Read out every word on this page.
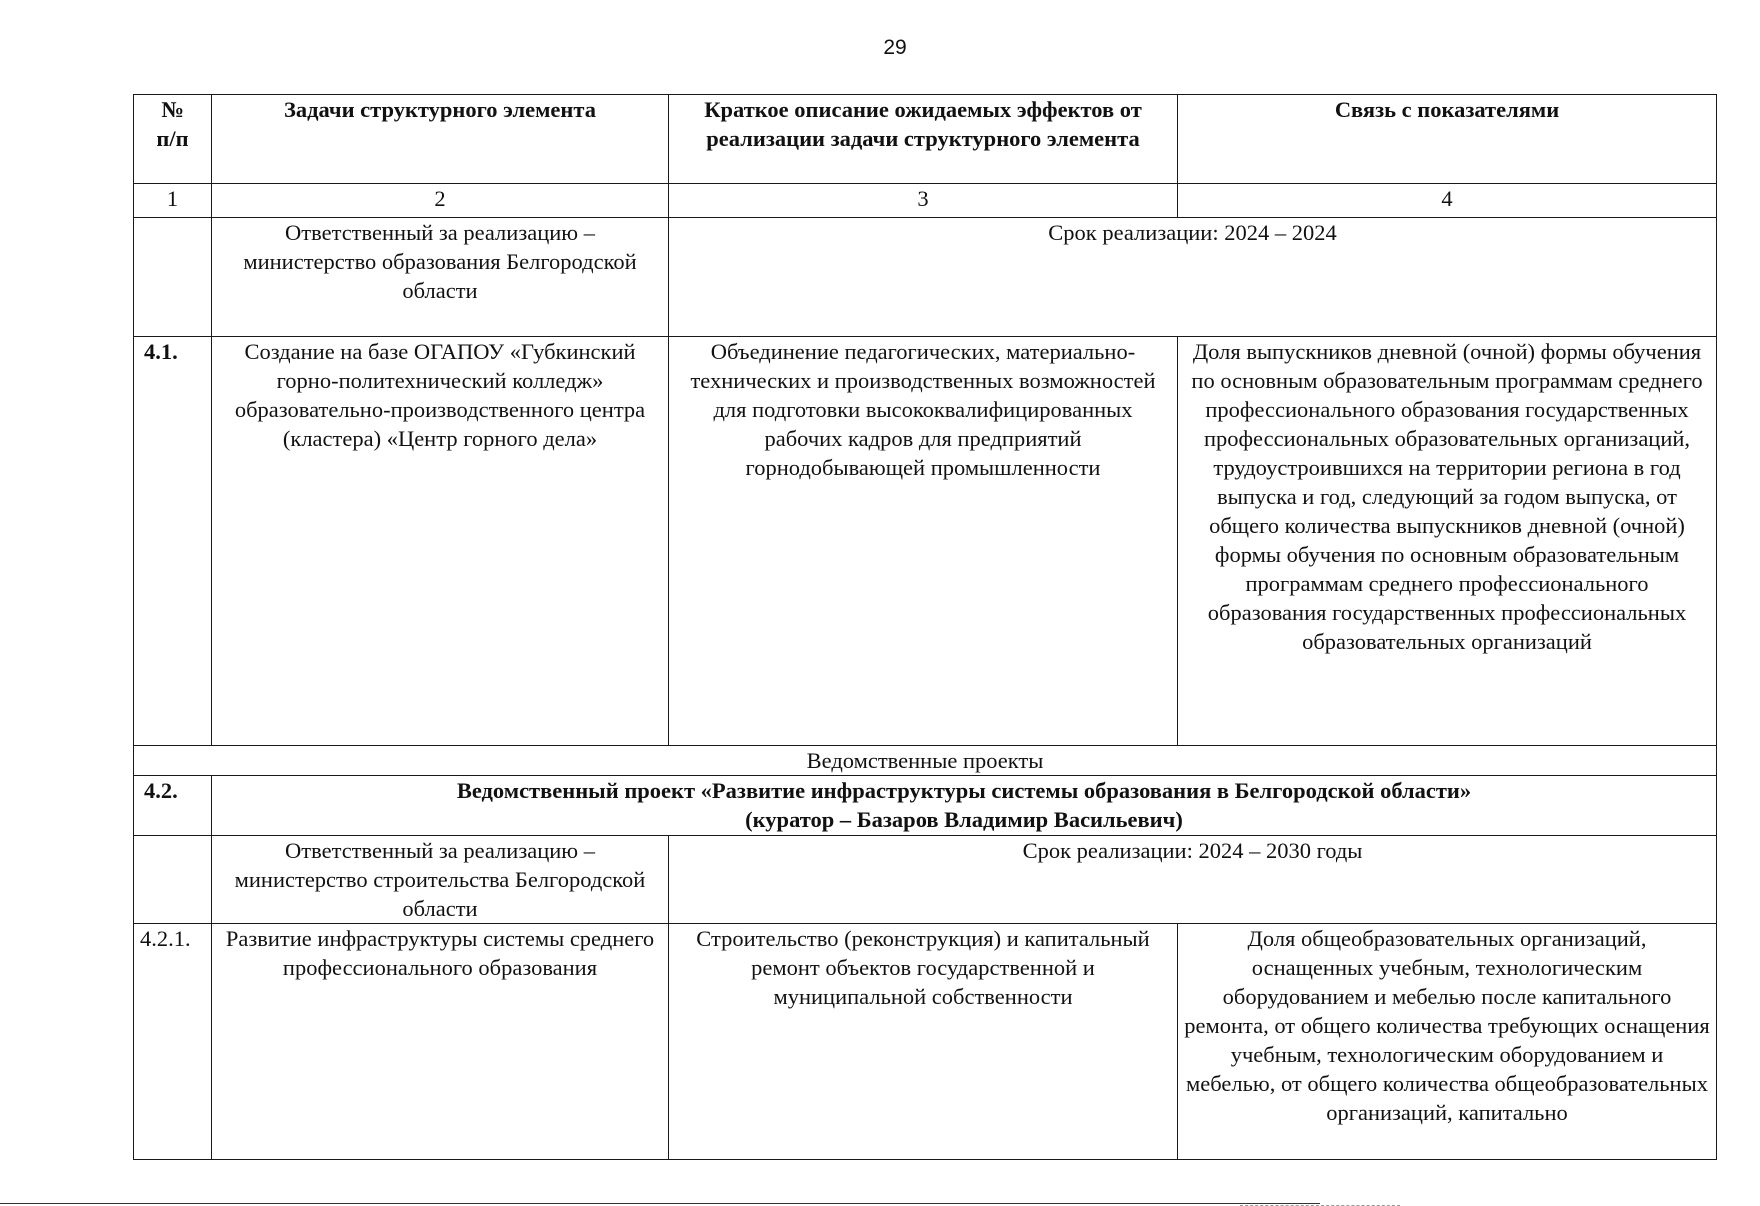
29
№
п/п	Задачи структурного элемента	Краткое описание ожидаемых эффектов от реализации задачи структурного элемента	Связь с показателями
1	2	3	4
	Ответственный за реализацию – министерство образования Белгородской области	Срок реализации: 2024 – 2024	
4.1.	Создание на базе ОГАПОУ «Губкинский горно-политехнический колледж» образовательно-производственного центра (кластера) «Центр горного дела»	Объединение педагогических, материально-технических и производственных возможностей для подготовки высококвалифицированных рабочих кадров для предприятий горнодобывающей промышленности	Доля выпускников дневной (очной) формы обучения по основным образовательным программам среднего профессионального образования государственных профессиональных образовательных организаций, трудоустроившихся на территории региона в год выпуска и год, следующий за годом выпуска, от общего количества выпускников дневной (очной) формы обучения по основным образовательным программам среднего профессионального образования государственных профессиональных образовательных организаций
Ведомственные проекты			
4.2.	Ведомственный проект «Развитие инфраструктуры системы образования в Белгородской области»
(куратор – Базаров Владимир Васильевич)		

	Ответственный за реализацию – министерство строительства Белгородской области	Срок реализации: 2024 – 2030 годы	
4.2.1.	Развитие инфраструктуры системы среднего профессионального образования	Строительство (реконструкция) и капитальный ремонт объектов государственной и муниципальной собственности	Доля общеобразовательных организаций, оснащенных учебным, технологическим оборудованием и мебелью после капитального ремонта, от общего количества требующих оснащения учебным, технологическим оборудованием и мебелью, от общего количества общеобразовательных организаций, капитально
